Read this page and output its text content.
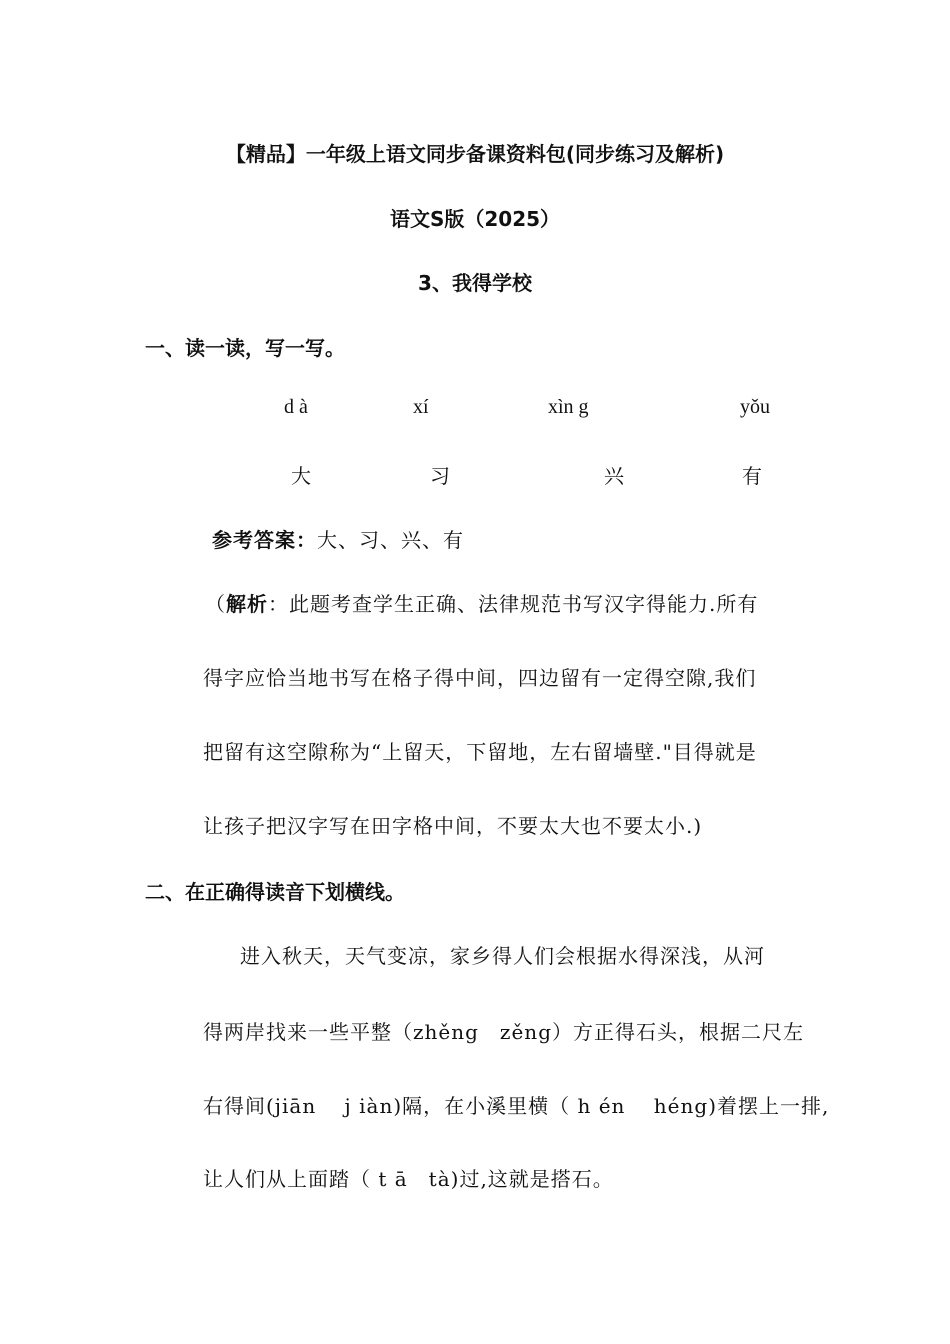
【精品】一年级上语文同步备课资料包(同步练习及解析)
语文S版（2025）
3、我得学校
一、读一读，写一写。
d à	xí	xìn g	yǒu
大	习	兴	有
参考答案：大、习、兴、有
（解析：此题考查学生正确、法律规范书写汉字得能力.所有
得字应恰当地书写在格子得中间，四边留有一定得空隙,我们
把留有这空隙称为“上留天，下留地，左右留墙壁."目得就是
让孩子把汉字写在田字格中间，不要太大也不要太小.)
二、在正确得读音下划横线。
进入秋天，天气变凉，家乡得人们会根据水得深浅，从河
得两岸找来一些平整（zhěng　zěng）方正得石头，根据二尺左
右得间(jiān　 j iàn)隔，在小溪里横（ h én　 héng)着摆上一排,
让人们从上面踏（ t ā　tà)过,这就是搭石。
